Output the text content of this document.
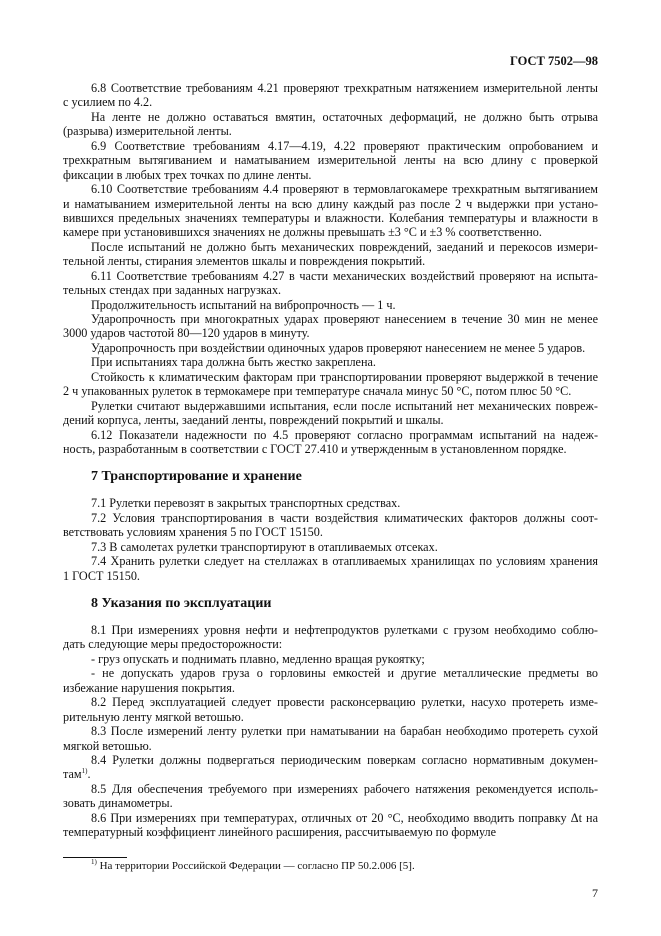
ГОСТ 7502—98
6.8 Соответствие требованиям 4.21 проверяют трехкратным натяжением измерительной ленты
с усилием по 4.2.
На ленте не должно оставаться вмятин, остаточных деформаций, не должно быть отрыва
(разрыва) измерительной ленты.
6.9 Соответствие требованиям 4.17—4.19, 4.22 проверяют практическим опробованием и
трехкратным вытягиванием и наматыванием измерительной ленты на всю длину с проверкой
фиксации в любых трех точках по длине ленты.
6.10 Соответствие требованиям 4.4 проверяют в термовлагокамере трехкратным вытягиванием
и наматыванием измерительной ленты на всю длину каждый раз после 2 ч выдержки при устано-
вившихся предельных значениях температуры и влажности. Колебания температуры и влажности в
камере при установившихся значениях не должны превышать ±3 °С и ±3 % соответственно.
После испытаний не должно быть механических повреждений, заеданий и перекосов измери-
тельной ленты, стирания элементов шкалы и повреждения покрытий.
6.11 Соответствие требованиям 4.27 в части механических воздействий проверяют на испыта-
тельных стендах при заданных нагрузках.
Продолжительность испытаний на вибропрочность — 1 ч.
Ударопрочность при многократных ударах проверяют нанесением в течение 30 мин не менее
3000 ударов частотой 80—120 ударов в минуту.
Ударопрочность при воздействии одиночных ударов проверяют нанесением не менее 5 ударов.
При испытаниях тара должна быть жестко закреплена.
Стойкость к климатическим факторам при транспортировании проверяют выдержкой в течение
2 ч упакованных рулеток в термокамере при температуре сначала минус 50 °С, потом плюс 50 °С.
Рулетки считают выдержавшими испытания, если после испытаний нет механических повреж-
дений корпуса, ленты, заеданий ленты, повреждений покрытий и шкалы.
6.12 Показатели надежности по 4.5 проверяют согласно программам испытаний на надеж-
ность, разработанным в соответствии с ГОСТ 27.410 и утвержденным в установленном порядке.
7 Транспортирование и хранение
7.1 Рулетки перевозят в закрытых транспортных средствах.
7.2 Условия транспортирования в части воздействия климатических факторов должны соот-
ветствовать условиям хранения 5 по ГОСТ 15150.
7.3 В самолетах рулетки транспортируют в отапливаемых отсеках.
7.4 Хранить рулетки следует на стеллажах в отапливаемых хранилищах по условиям хранения
1 ГОСТ 15150.
8 Указания по эксплуатации
8.1 При измерениях уровня нефти и нефтепродуктов рулетками с грузом необходимо соблю-
дать следующие меры предосторожности:
- груз опускать и поднимать плавно, медленно вращая рукоятку;
- не допускать ударов груза о горловины емкостей и другие металлические предметы во
избежание нарушения покрытия.
8.2 Перед эксплуатацией следует провести расконсервацию рулетки, насухо протереть изме-
рительную ленту мягкой ветошью.
8.3 После измерений ленту рулетки при наматывании на барабан необходимо протереть сухой
мягкой ветошью.
8.4 Рулетки должны подвергаться периодическим поверкам согласно нормативным докумен-
там$^{1)}$.
8.5 Для обеспечения требуемого при измерениях рабочего натяжения рекомендуется исполь-
зовать динамометры.
8.6 При измерениях при температурах, отличных от 20 °С, необходимо вводить поправку Δt на
температурный коэффициент линейного расширения, рассчитываемую по формуле
$^{1)}$ На территории Российской Федерации — согласно ПР 50.2.006 [5].
7
